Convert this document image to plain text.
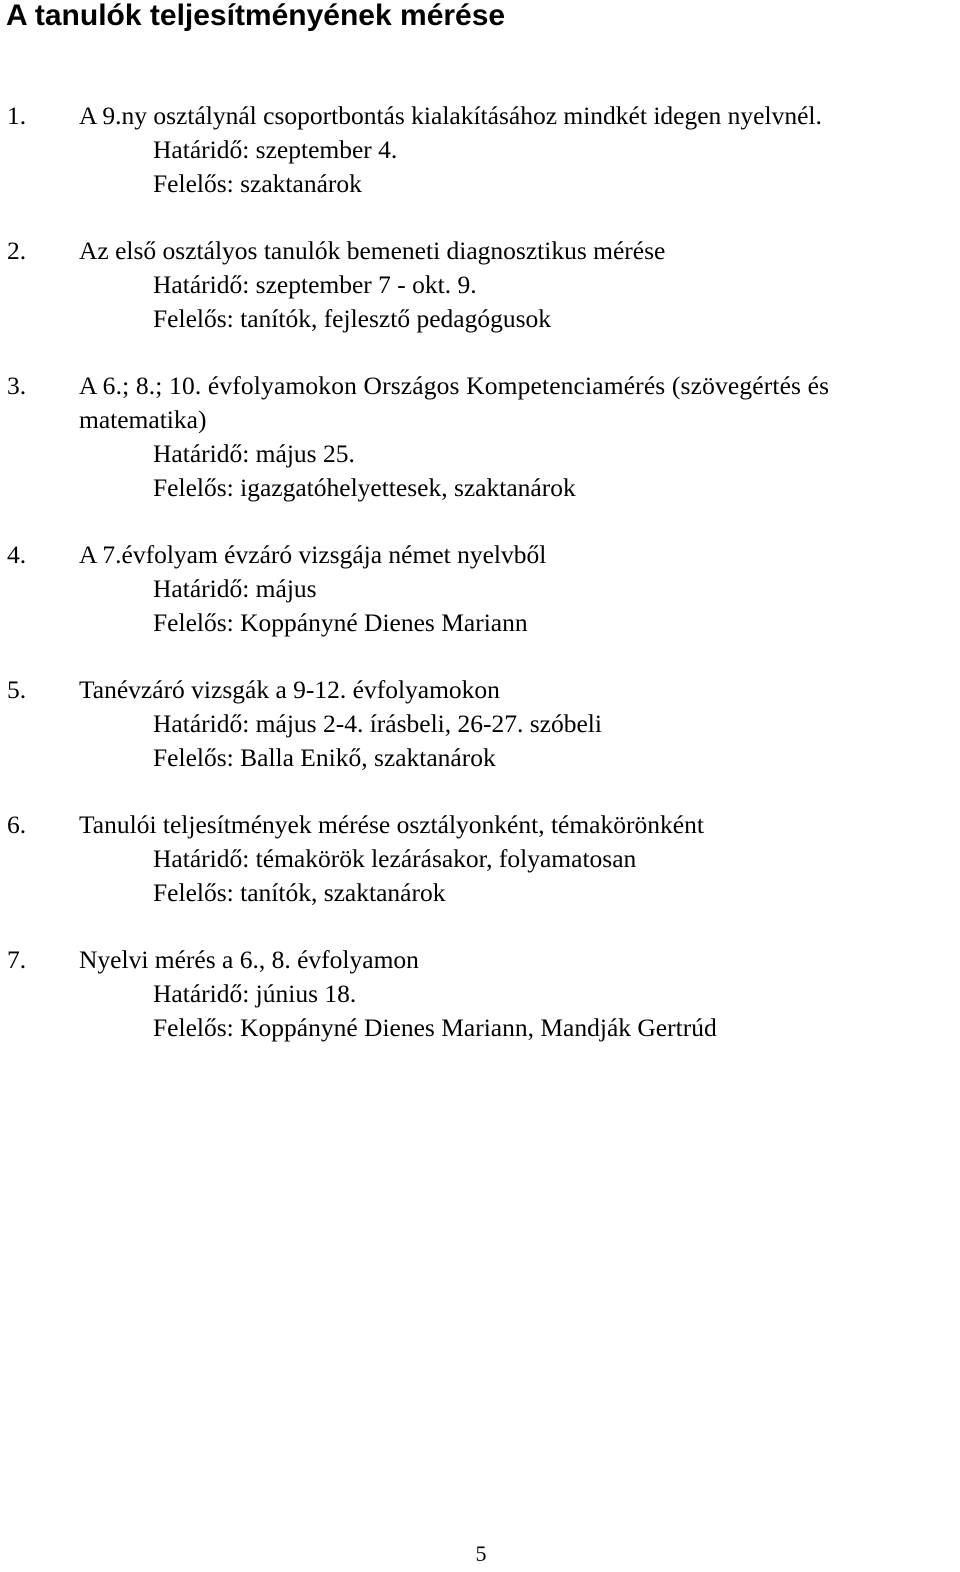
A tanulók teljesítményének mérése
1.	A 9.ny osztálynál csoportbontás kialakításához mindkét idegen nyelvnél.
Határidő: szeptember 4.
Felelős: szaktanárok
2.	Az első osztályos tanulók bemeneti diagnosztikus mérése
Határidő: szeptember 7 - okt. 9.
Felelős: tanítók, fejlesztő pedagógusok
3.	A 6.; 8.; 10. évfolyamokon Országos Kompetenciamérés (szövegértés és
matematika)
Határidő: május 25.
Felelős: igazgatóhelyettesek, szaktanárok
4.	A 7.évfolyam évzáró vizsgája német nyelvből
Határidő: május
Felelős: Koppányné Dienes Mariann
5.	Tanévzáró vizsgák a 9-12. évfolyamokon
Határidő: május 2-4. írásbeli, 26-27. szóbeli
Felelős: Balla Enikő, szaktanárok
6.	Tanulói teljesítmények mérése osztályonként, témakörönként
Határidő: témakörök lezárásakor, folyamatosan
Felelős: tanítók, szaktanárok
7.	Nyelvi mérés a 6., 8. évfolyamon
Határidő: június 18.
Felelős: Koppányné Dienes Mariann, Mandják Gertrúd
5
